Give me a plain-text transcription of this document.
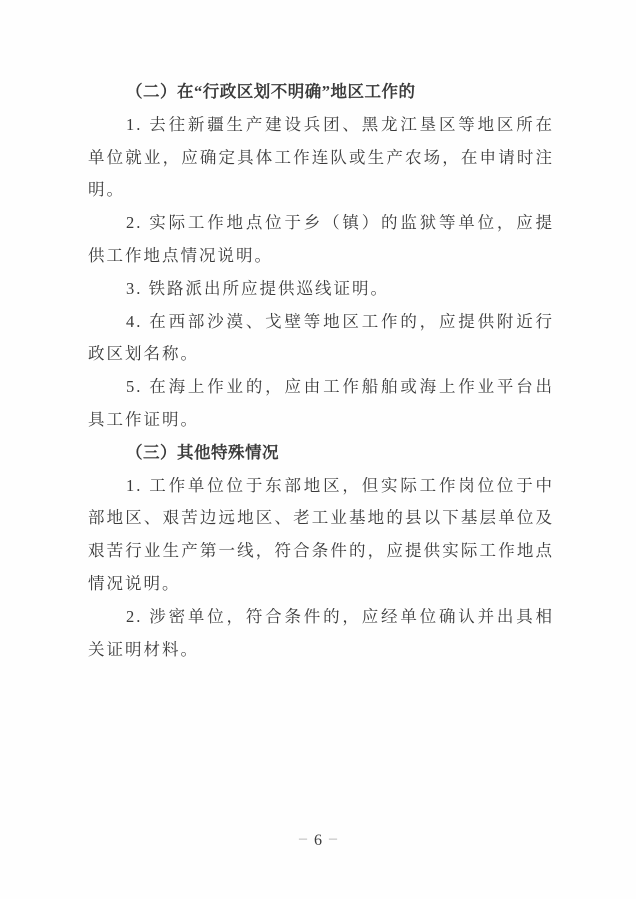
（二）在“行政区划不明确”地区工作的

1. 去往新疆生产建设兵团、黑龙江垦区等地区所在单位就业，应确定具体工作连队或生产农场，在申请时注明。

2. 实际工作地点位于乡（镇）的监狱等单位，应提供工作地点情况说明。

3. 铁路派出所应提供巡线证明。

4. 在西部沙漠、戈壁等地区工作的，应提供附近行政区划名称。

5. 在海上作业的，应由工作船舶或海上作业平台出具工作证明。

（三）其他特殊情况

1. 工作单位位于东部地区，但实际工作岗位位于中部地区、艰苦边远地区、老工业基地的县以下基层单位及艰苦行业生产第一线，符合条件的，应提供实际工作地点情况说明。

2. 涉密单位，符合条件的，应经单位确认并出具相关证明材料。

– 6 –
